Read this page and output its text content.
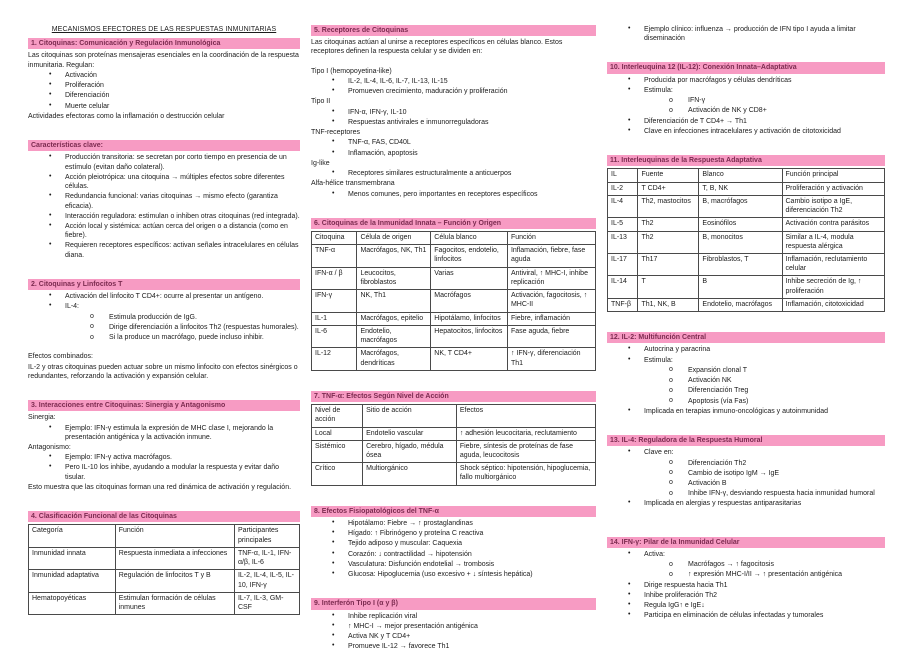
MECANISMOS EFECTORES DE LAS RESPUESTAS INMUNITARIAS
1. Citoquinas: Comunicación y Regulación Inmunológica
Las citoquinas son proteínas mensajeras esenciales en la coordinación de la respuesta inmunitaria. Regulan:
• Activación
• Proliferación
• Diferenciación
• Muerte celular
Actividades efectoras como la inflamación o destrucción celular
Características clave:
• Producción transitoria: se secretan por corto tiempo en presencia de un estímulo (evitan daño colateral).
• Acción pleiotrópica: una citoquina → múltiples efectos sobre diferentes células.
• Redundancia funcional: varias citoquinas → mismo efecto (garantiza eficacia).
• Interacción reguladora: estimulan o inhiben otras citoquinas (red integrada).
• Acción local y sistémica: actúan cerca del origen o a distancia (como en fiebre).
• Requieren receptores específicos: activan señales intracelulares en células diana.
2. Citoquinas y Linfocitos T
• Activación del linfocito T CD4+: ocurre al presentar un antígeno.
• IL-4:
o Estimula producción de IgG.
o Dirige diferenciación a linfocitos Th2 (respuestas humorales).
o Si la produce un macrófago, puede incluso inhibir.
Efectos combinados:
IL-2 y otras citoquinas pueden actuar sobre un mismo linfocito con efectos sinérgicos o redundantes, reforzando la activación y expansión celular.
3. Interacciones entre Citoquinas: Sinergia y Antagonismo
Sinergia:
• Ejemplo: IFN-γ estimula la expresión de MHC clase I, mejorando la presentación antigénica y la activación inmune.
Antagonismo:
• Ejemplo: IFN-γ activa macrófagos.
• Pero IL-10 los inhibe, ayudando a modular la respuesta y evitar daño tisular.
Esto muestra que las citoquinas forman una red dinámica de activación y regulación.
4. Clasificación Funcional de las Citoquinas
Categoría	Función	Participantes principales
Inmunidad innata	Respuesta inmediata a infecciones	TNF-α, IL-1, IFN-α/β, IL-6
Inmunidad adaptativa	Regulación de linfocitos T y B	IL-2, IL-4, IL-5, IL-10, IFN-γ
Hematopoyéticas	Estimulan formación de células inmunes	IL-7, IL-3, GM-CSF
5. Receptores de Citoquinas
Las citoquinas actúan al unirse a receptores específicos en células blanco. Estos receptores definen la respuesta celular y se dividen en:
Tipo I (hemopoyetina-like)
• IL-2, IL-4, IL-6, IL-7, IL-13, IL-15
• Promueven crecimiento, maduración y proliferación
Tipo II
• IFN-α, IFN-γ, IL-10
• Respuestas antivirales e inmunorreguladoras
TNF-receptores
• TNF-α, FAS, CD40L
• Inflamación, apoptosis
Ig-like
• Receptores similares estructuralmente a anticuerpos
Alfa-hélice transmembrana
• Menos comunes, pero importantes en receptores específicos
6. Citoquinas de la Inmunidad Innata – Función y Origen
Citoquina	Célula de origen	Célula blanco	Función
TNF-α	Macrófagos, NK, Th1	Fagocitos, endotelio, linfocitos	Inflamación, fiebre, fase aguda
IFN-α / β	Leucocitos, fibroblastos	Varias	Antiviral, ↑ MHC-I, inhibe replicación
IFN-γ	NK, Th1	Macrófagos	Activación, fagocitosis, ↑ MHC-II
IL-1	Macrófagos, epitelio	Hipotálamo, linfocitos	Fiebre, inflamación
IL-6	Endotelio, macrófagos	Hepatocitos, linfocitos	Fase aguda, fiebre
IL-12	Macrófagos, dendríticas	NK, T CD4+	↑ IFN-γ, diferenciación Th1
7. TNF-α: Efectos Según Nivel de Acción
Nivel de acción	Sitio de acción	Efectos
Local	Endotelio vascular	↑ adhesión leucocitaria, reclutamiento
Sistémico	Cerebro, hígado, médula ósea	Fiebre, síntesis de proteínas de fase aguda, leucocitosis
Crítico	Multiorgánico	Shock séptico: hipotensión, hipoglucemia, fallo multiorgánico
8. Efectos Fisiopatológicos del TNF-α
• Hipotálamo: Fiebre → ↑ prostaglandinas
• Hígado: ↑ Fibrinógeno y proteína C reactiva
• Tejido adiposo y muscular: Caquexia
• Corazón: ↓ contractilidad → hipotensión
• Vasculatura: Disfunción endotelial → trombosis
• Glucosa: Hipoglucemia (uso excesivo + ↓ síntesis hepática)
9. Interferón Tipo I (α y β)
• Inhibe replicación viral
• ↑ MHC-I → mejor presentación antigénica
• Activa NK y T CD4+
• Promueve IL-12 → favorece Th1
• Ejemplo clínico: influenza → producción de IFN tipo I ayuda a limitar diseminación
10. Interleuquina 12 (IL-12): Conexión Innata–Adaptativa
• Producida por macrófagos y células dendríticas
• Estimula:
o IFN-γ
o Activación de NK y CD8+
• Diferenciación de T CD4+ → Th1
• Clave en infecciones intracelulares y activación de citotoxicidad
11. Interleuquinas de la Respuesta Adaptativa
IL	Fuente	Blanco	Función principal
IL-2	T CD4+	T, B, NK	Proliferación y activación
IL-4	Th2, mastocitos	B, macrófagos	Cambio isotipo a IgE, diferenciación Th2
IL-5	Th2	Eosinófilos	Activación contra parásitos
IL-13	Th2	B, monocitos	Similar a IL-4, modula respuesta alérgica
IL-17	Th17	Fibroblastos, T	Inflamación, reclutamiento celular
IL-14	T	B	Inhibe secreción de Ig, ↑ proliferación
TNF-β	Th1, NK, B	Endotelio, macrófagos	Inflamación, citotoxicidad
12. IL-2: Multifunción Central
• Autocrina y paracrina
• Estimula:
o Expansión clonal T
o Activación NK
o Diferenciación Treg
o Apoptosis (vía Fas)
• Implicada en terapias inmuno-oncológicas y autoinmunidad
13. IL-4: Reguladora de la Respuesta Humoral
• Clave en:
o Diferenciación Th2
o Cambio de isotipo IgM → IgE
o Activación B
o Inhibe IFN-γ, desviando respuesta hacia inmunidad humoral
• Implicada en alergias y respuestas antiparasitarias
14. IFN-γ: Pilar de la Inmunidad Celular
• Activa:
o Macrófagos → ↑ fagocitosis
o ↑ expresión MHC-I/II → ↑ presentación antigénica
• Dirige respuesta hacia Th1
• Inhibe proliferación Th2
• Regula IgG↑ e IgE↓
• Participa en eliminación de células infectadas y tumorales
